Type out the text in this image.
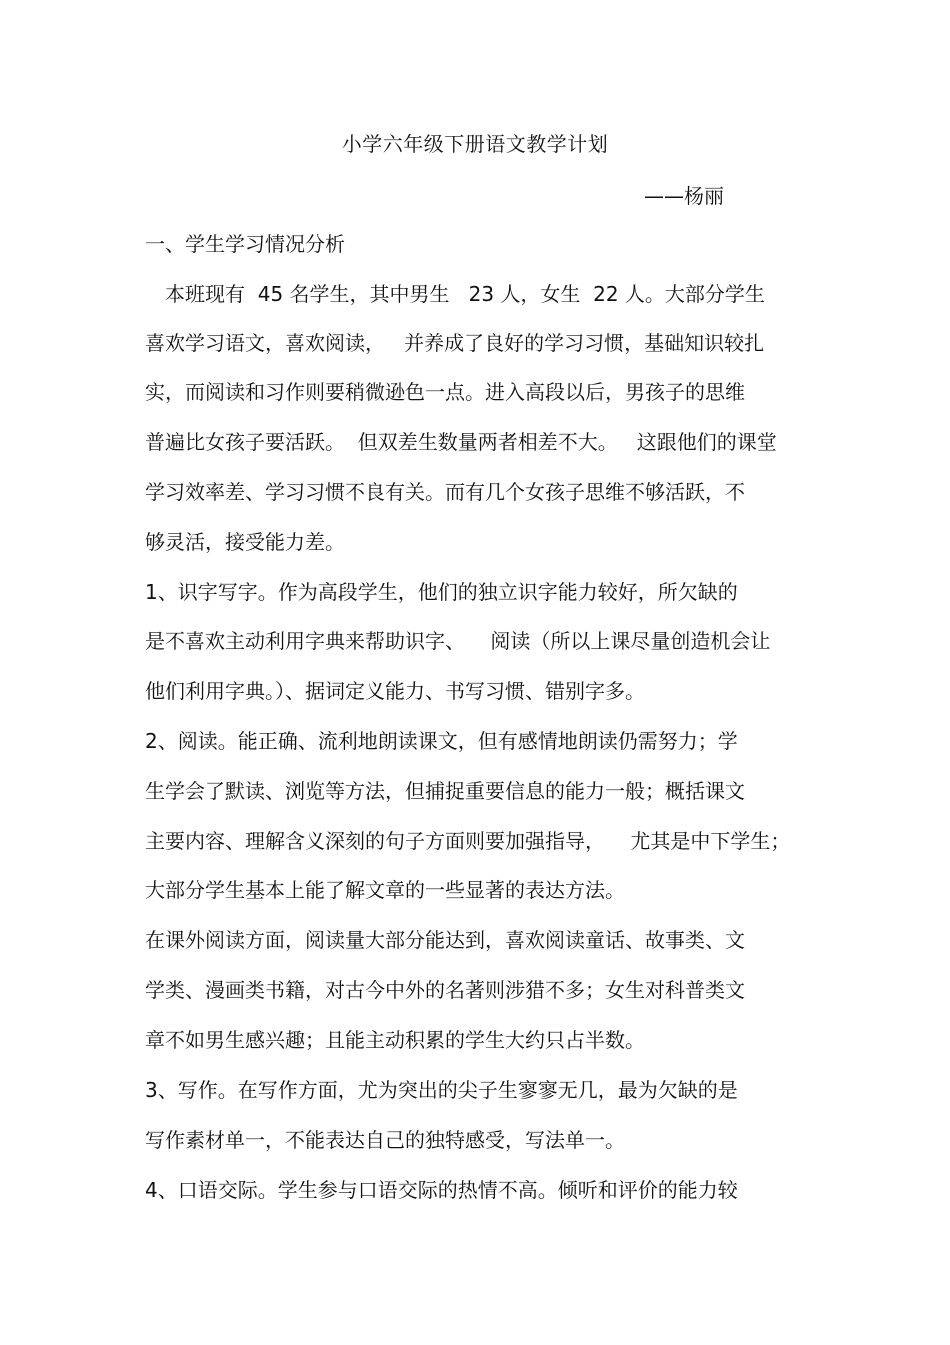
小学六年级下册语文教学计划
——杨丽
一、学生学习情况分析
　本班现有  45 名学生，其中男生   23 人，女生  22 人。大部分学生
喜欢学习语文，喜欢阅读，   并养成了良好的学习习惯，基础知识较扎
实，而阅读和习作则要稍微逊色一点。进入高段以后，男孩子的思维
普遍比女孩子要活跃。  但双差生数量两者相差不大。   这跟他们的课堂
学习效率差、学习习惯不良有关。而有几个女孩子思维不够活跃，不
够灵活，接受能力差。
1、识字写字。作为高段学生，他们的独立识字能力较好，所欠缺的
是不喜欢主动利用字典来帮助识字、    阅读（所以上课尽量创造机会让
他们利用字典。）、据词定义能力、书写习惯、错别字多。
2、阅读。能正确、流利地朗读课文，但有感情地朗读仍需努力；学
生学会了默读、浏览等方法，但捕捉重要信息的能力一般；概括课文
主要内容、理解含义深刻的句子方面则要加强指导，    尤其是中下学生；
大部分学生基本上能了解文章的一些显著的表达方法。
在课外阅读方面，阅读量大部分能达到，喜欢阅读童话、故事类、文
学类、漫画类书籍，对古今中外的名著则涉猎不多；女生对科普类文
章不如男生感兴趣；且能主动积累的学生大约只占半数。
3、写作。在写作方面，尤为突出的尖子生寥寥无几，最为欠缺的是
写作素材单一，不能表达自己的独特感受，写法单一。
4、口语交际。学生参与口语交际的热情不高。倾听和评价的能力较
